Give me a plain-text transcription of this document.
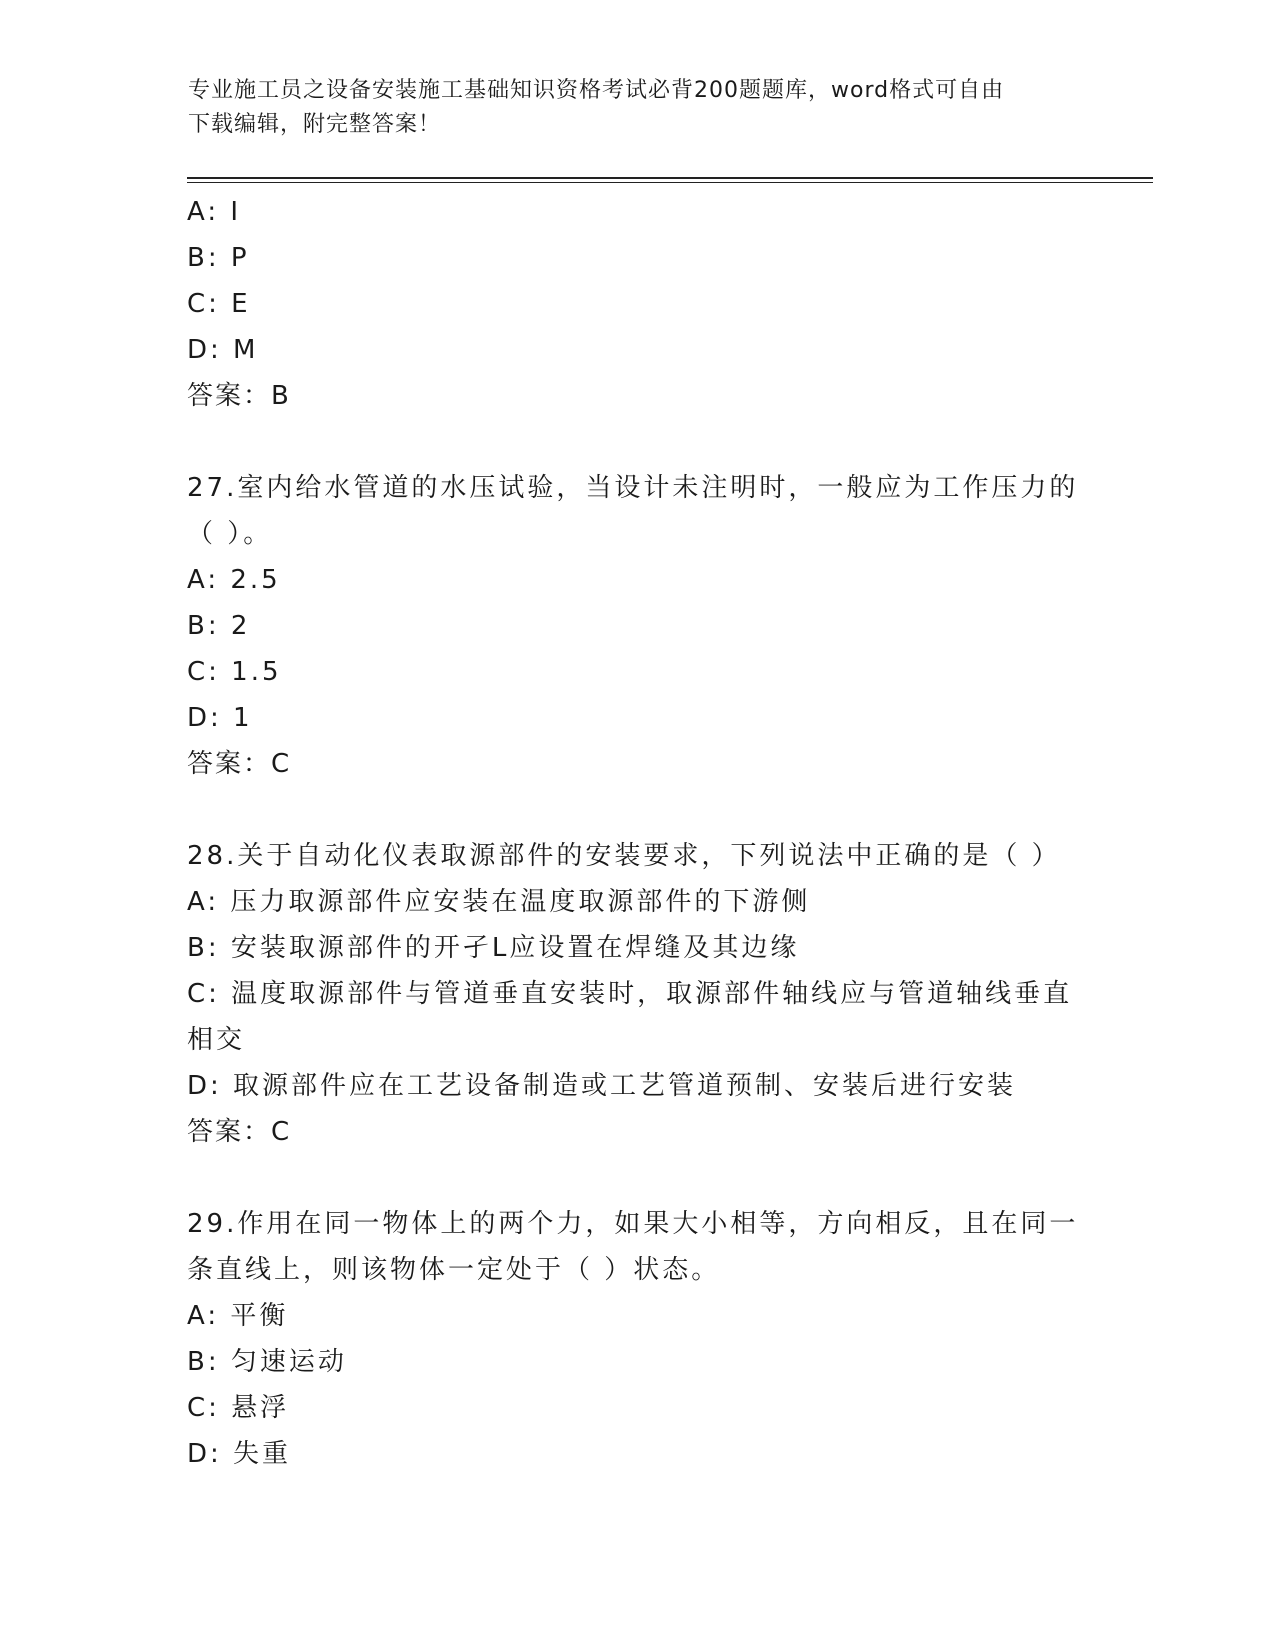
专业施工员之设备安装施工基础知识资格考试必背200题题库，word格式可自由
下载编辑，附完整答案！
A: I
B: P
C: E
D: M
答案：B
27.室内给水管道的水压试验，当设计未注明时，一般应为工作压力的
（ ）。
A: 2.5
B: 2
C: 1.5
D: 1
答案：C
28.关于自动化仪表取源部件的安装要求，下列说法中正确的是（ ）
A: 压力取源部件应安装在温度取源部件的下游侧
B: 安装取源部件的开孑L应设置在焊缝及其边缘
C: 温度取源部件与管道垂直安装时，取源部件轴线应与管道轴线垂直
相交
D: 取源部件应在工艺设备制造或工艺管道预制、安装后进行安装
答案：C
29.作用在同一物体上的两个力，如果大小相等，方向相反，且在同一
条直线上，则该物体一定处于（ ）状态。
A: 平衡
B: 匀速运动
C: 悬浮
D: 失重
